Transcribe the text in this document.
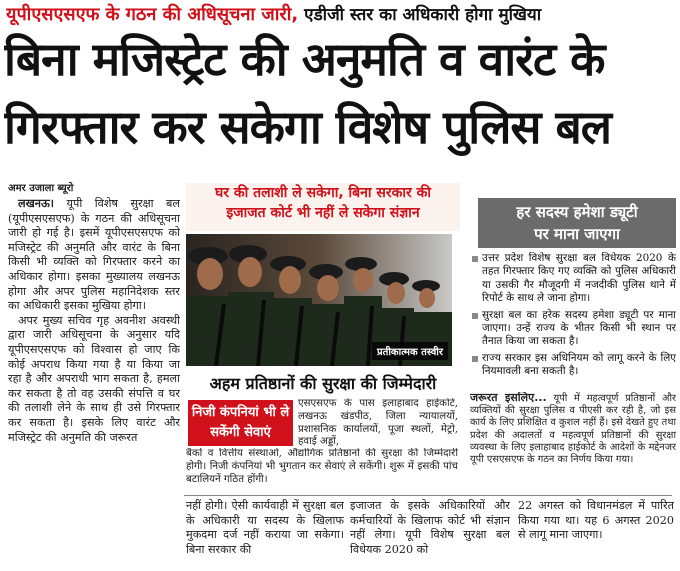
यूपीएसएसएफ के गठन की अधिसूचना जारी, एडीजी स्तर का अधिकारी होगा मुखिया
बिना मजिस्ट्रेट की अनुमति व वारंट के
गिरफ्तार कर सकेगा विशेष पुलिस बल
अमर उजाला ब्यूरो

लखनऊ। यूपी विशेष सुरक्षा बल (यूपीएसएसएफ) के गठन की अधिसूचना जारी हो गई है। इसमें यूपीएसएसएफ को मजिस्ट्रेट की अनुमति और वारंट के बिना किसी भी व्यक्ति को गिरफ्तार करने का अधिकार होगा। इसका मुख्यालय लखनऊ होगा और अपर पुलिस महानिदेशक स्तर का अधिकारी इसका मुखिया होगा।

अपर मुख्य सचिव गृह अवनीश अवस्थी द्वारा जारी अधिसूचना के अनुसार यदि यूपीएसएसएफ को विश्वास हो जाए कि कोई अपराध किया गया है या किया जा रहा है और अपराधी भाग सकता है, हमला कर सकता है तो वह उसकी संपत्ति व घर की तलाशी लेने के साथ ही उसे गिरफ्तार कर सकता है। इसके लिए वारंट और मजिस्ट्रेट की अनुमति की जरूरत

घर की तलाशी ले सकेगा, बिना सरकार की
इजाजत कोर्ट भी नहीं ले सकेगा संज्ञान
प्रतीकात्मक तस्वीर
अहम प्रतिष्ठानों की सुरक्षा की जिम्मेदारी
निजी कंपनियां भी ले सकेंगी सेवाएं
एसएसएफ के पास इलाहाबाद हाईकोर्ट, लखनऊ खंडपीठ, जिला न्यायालयों, प्रशासनिक कार्यालयों, पूजा स्थलों, मेट्रो, हवाई अड्डों,
बैंकों व वित्तीय संस्थाओं, औद्योगिक प्रतिष्ठानों की सुरक्षा की जिम्मेदारी होगी। निजी कंपनियां भी भुगतान कर सेवाएं ले सकेंगी। शुरू में इसकी पांच बटालियनें गठित होंगी।
नहीं होगी। ऐसी कार्यवाही में सुरक्षा बल के अधिकारी या सदस्य के खिलाफ मुकदमा दर्ज नहीं कराया जा सकेगा। बिना सरकार की
इजाजत के इसके अधिकारियों और कर्मचारियों के खिलाफ कोर्ट भी संज्ञान नहीं लेगा। यूपी विशेष सुरक्षा बल विधेयक 2020 को
22 अगस्त को विधानमंडल में पारित किया गया था। यह 6 अगस्त 2020 से लागू माना जाएगा।
हर सदस्य हमेशा ड्यूटी
पर माना जाएगा
उत्तर प्रदेश विशेष सुरक्षा बल विधेयक 2020 के तहत गिरफ्तार किए गए व्यक्ति को पुलिस अधिकारी या उसकी गैर मौजूदगी में नजदीकी पुलिस थाने में रिपोर्ट के साथ ले जाना होगा।
सुरक्षा बल का हरेक सदस्य हमेशा ड्यूटी पर माना जाएगा। उन्हें राज्य के भीतर किसी भी स्थान पर तैनात किया जा सकता है।
राज्य सरकार इस अधिनियम को लागू करने के लिए नियमावली बना सकती है।
जरूरत इसलिए... यूपी में महत्वपूर्ण प्रतिष्ठानों और व्यक्तियों की सुरक्षा पुलिस व पीएसी कर रही है, जो इस कार्य के लिए प्रशिक्षित व कुशल नहीं हैं। इसे देखते हुए तथा प्रदेश की अदालतों व महत्वपूर्ण प्रतिष्ठानों की सुरक्षा व्यवस्था के लिए इलाहाबाद हाईकोर्ट के आदेशों के मद्देनजर यूपी एसएसएफ के गठन का निर्णय किया गया।
